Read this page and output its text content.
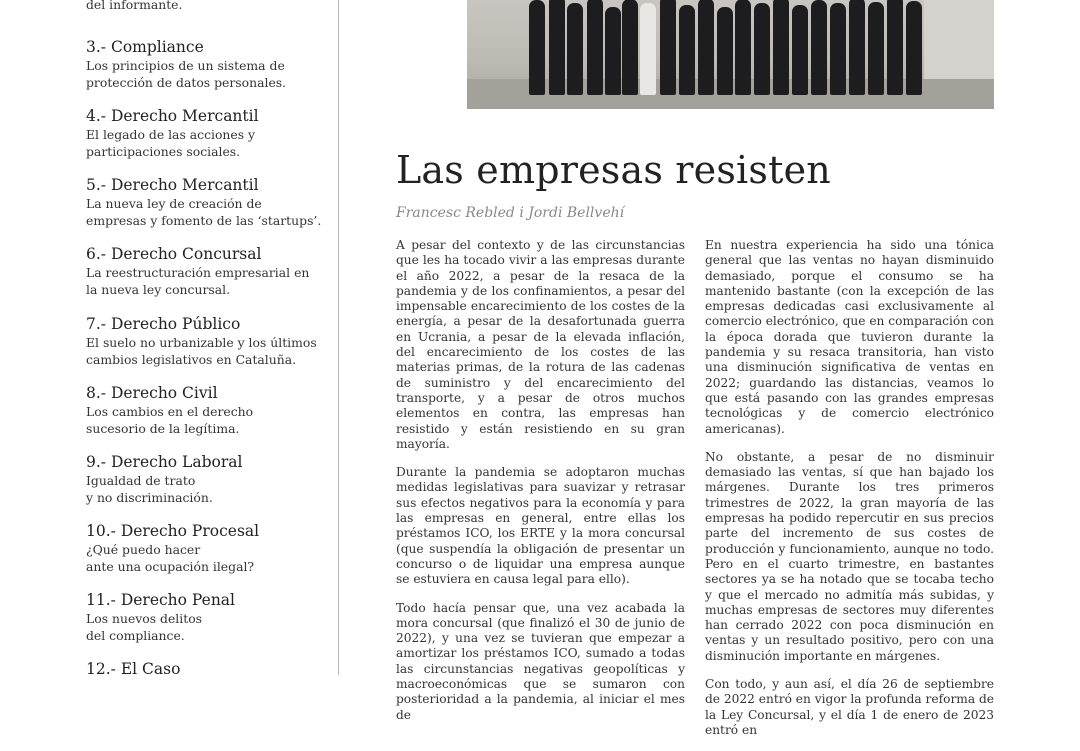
del informante.
3.- Compliance
Los principios de un sistema de
protección de datos personales.
4.- Derecho Mercantil
El legado de las acciones y
participaciones sociales.
5.- Derecho Mercantil
La nueva ley de creación de
empresas y fomento de las ‘startups’.
6.- Derecho Concursal
La reestructuración empresarial en
la nueva ley concursal.
7.- Derecho Público
El suelo no urbanizable y los últimos
cambios legislativos en Cataluña.
8.- Derecho Civil
Los cambios en el derecho
sucesorio de la legítima.
9.- Derecho Laboral
Igualdad de trato
y no discriminación.
10.- Derecho Procesal
¿Qué puedo hacer
ante una ocupación ilegal?
11.- Derecho Penal
Los nuevos delitos
del compliance.
12.- El Caso
Las empresas resisten
Francesc Rebled i Jordi Bellvehí

A pesar del contexto y de las circunstancias que les ha tocado vivir a las empresas durante el año 2022, a pesar de la resaca de la pandemia y de los confinamientos, a pesar del impensable encarecimiento de los costes de la energía, a pesar de la desafortunada guerra en Ucrania, a pesar de la elevada inflación, del encarecimiento de los costes de las materias primas, de la rotura de las cadenas de suministro y del encarecimiento del transporte, y a pesar de otros muchos elementos en contra, las empresas han resistido y están resistiendo en su gran mayoría.

Durante la pandemia se adoptaron muchas medidas legislativas para suavizar y retrasar sus efectos negativos para la economía y para las empresas en general, entre ellas los préstamos ICO, los ERTE y la mora concursal (que suspendía la obligación de presentar un concurso o de liquidar una empresa aunque se estuviera en causa legal para ello).

Todo hacía pensar que, una vez acabada la mora concursal (que finalizó el 30 de junio de 2022), y una vez se tuvieran que empezar a amortizar los préstamos ICO, sumado a todas las circunstancias negativas geopolíticas y macroeconómicas que se sumaron con posterioridad a la pandemia, al iniciar el mes de

En nuestra experiencia ha sido una tónica general que las ventas no hayan disminuido demasiado, porque el consumo se ha mantenido bastante (con la excepción de las empresas dedicadas casi exclusivamente al comercio electrónico, que en comparación con la época dorada que tuvieron durante la pandemia y su resaca transitoria, han visto una disminución significativa de ventas en 2022; guardando las distancias, veamos lo que está pasando con las grandes empresas tecnológicas y de comercio electrónico americanas).

No obstante, a pesar de no disminuir demasiado las ventas, sí que han bajado los márgenes. Durante los tres primeros trimestres de 2022, la gran mayoría de las empresas ha podido repercutir en sus precios parte del incremento de sus costes de producción y funcionamiento, aunque no todo. Pero en el cuarto trimestre, en bastantes sectores ya se ha notado que se tocaba techo y que el mercado no admitía más subidas, y muchas empresas de sectores muy diferentes han cerrado 2022 con poca disminución en ventas y un resultado positivo, pero con una disminución importante en márgenes.

Con todo, y aun así, el día 26 de septiembre de 2022 entró en vigor la profunda reforma de la Ley Concursal, y el día 1 de enero de 2023 entró en
